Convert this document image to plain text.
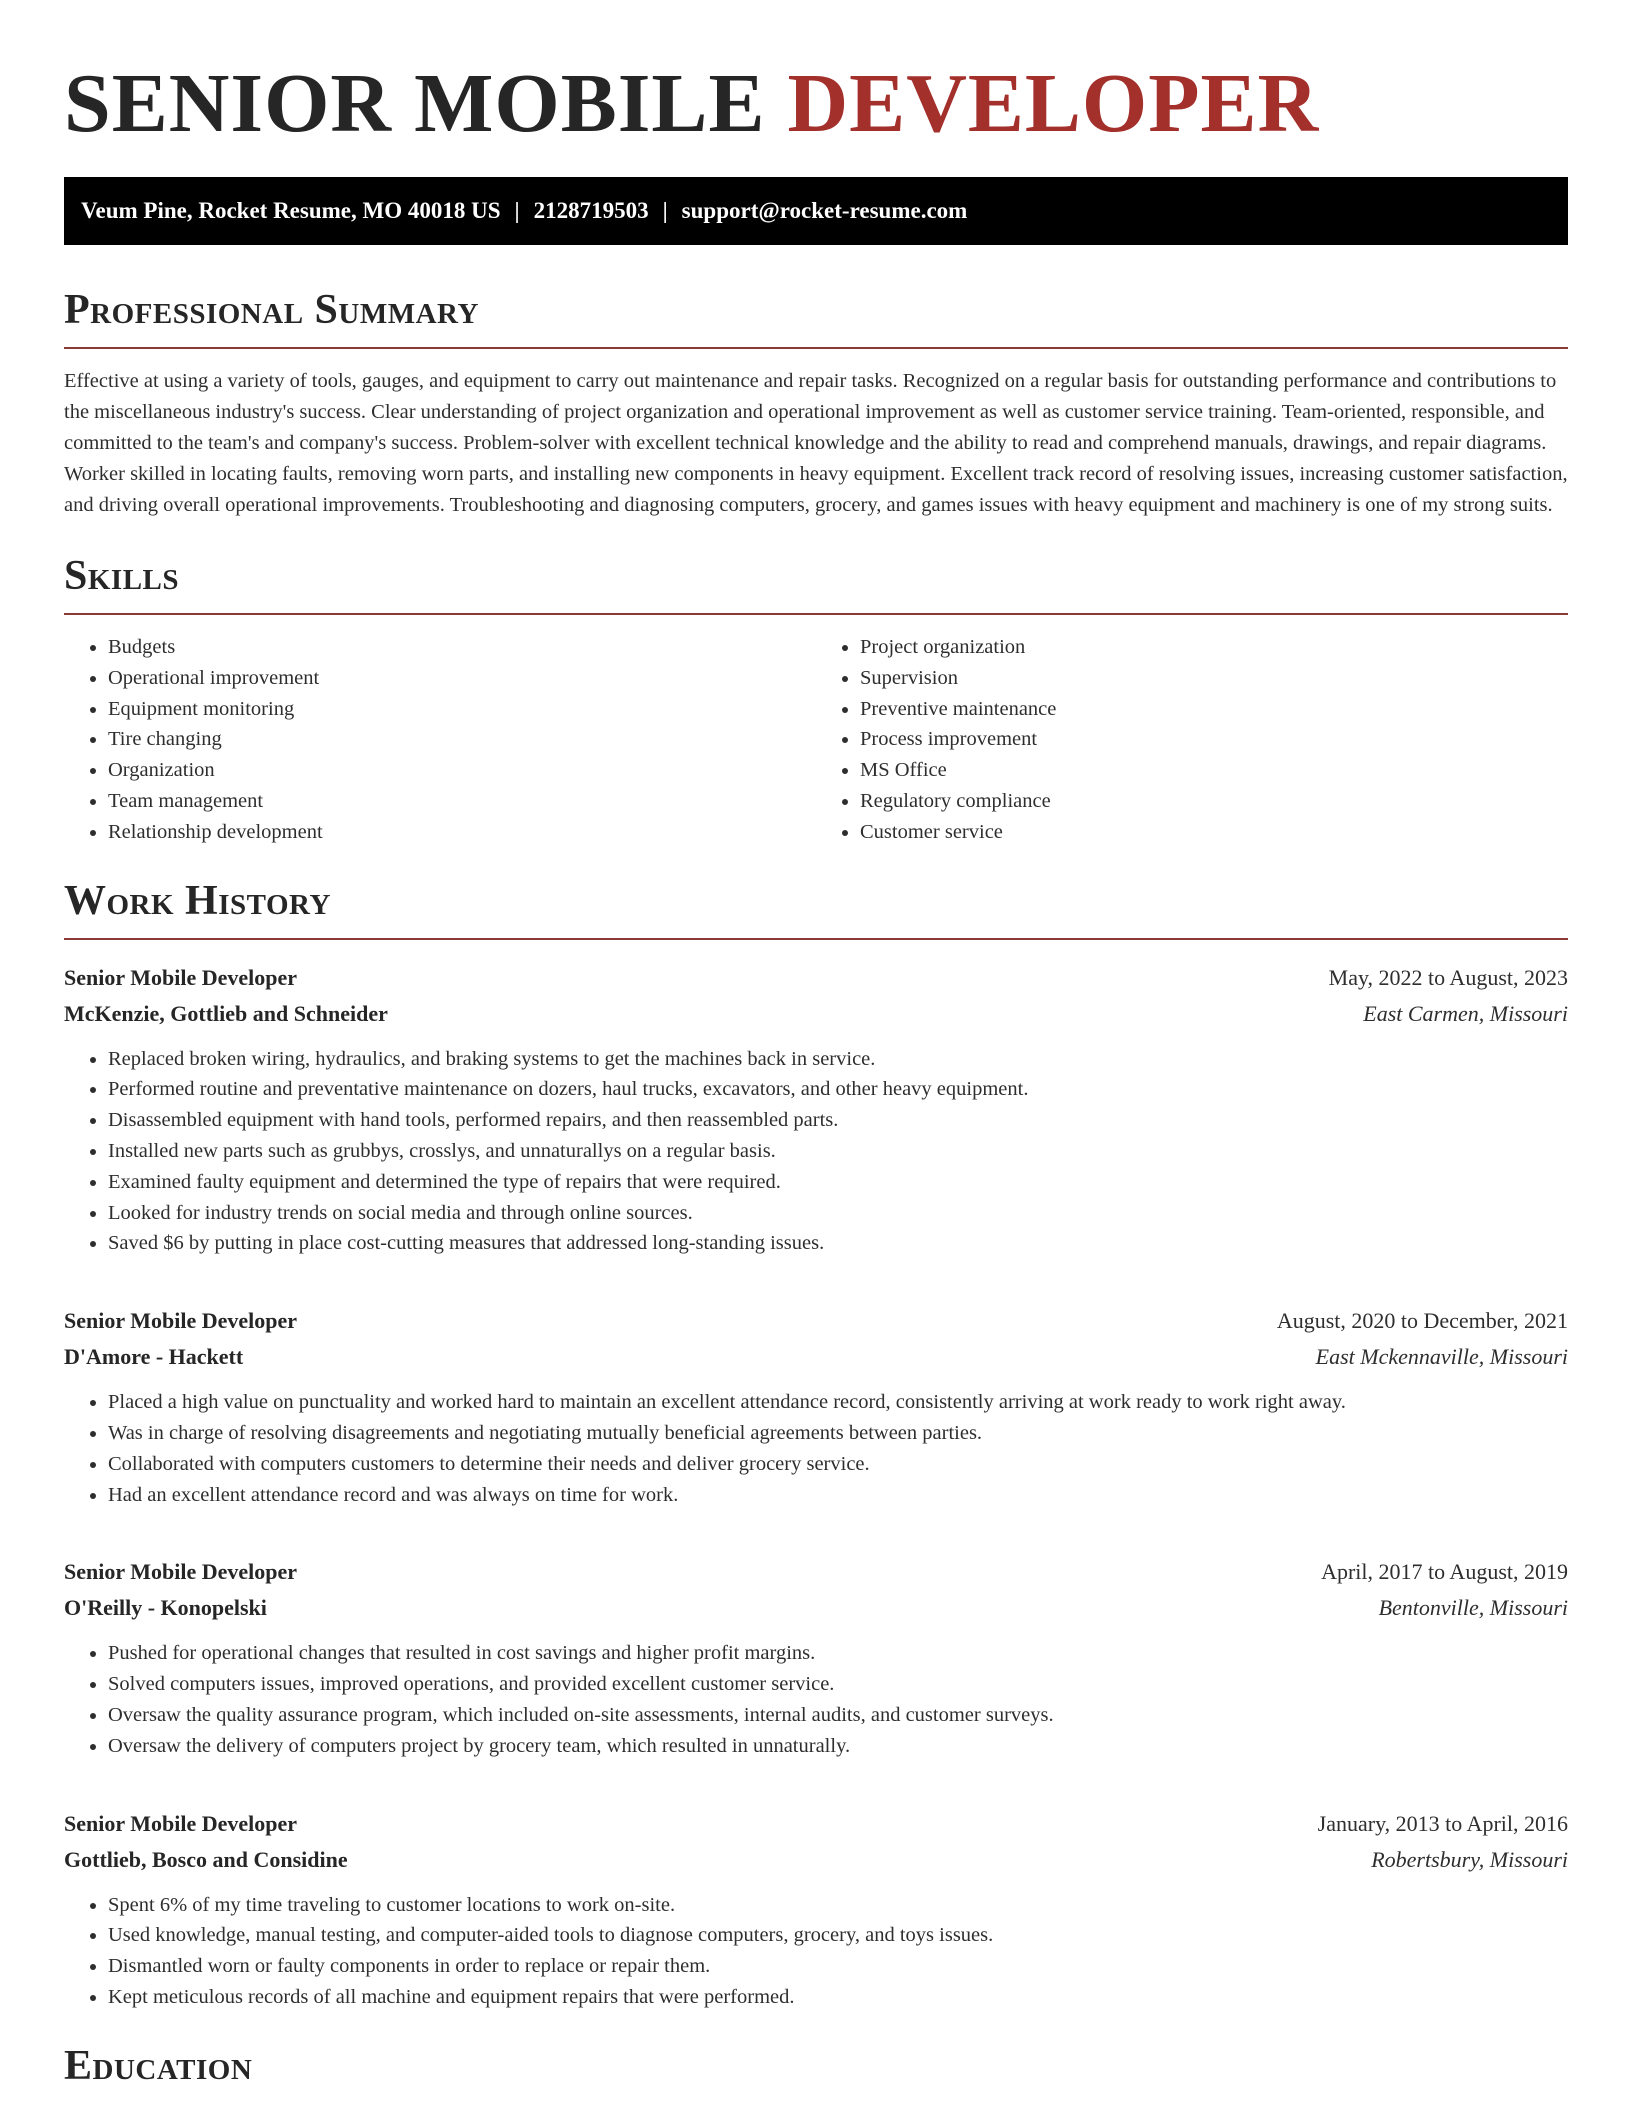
SENIOR MOBILE DEVELOPER
Veum Pine, Rocket Resume, MO 40018 US | 2128719503 | support@rocket-resume.com
Professional Summary

Effective at using a variety of tools, gauges, and equipment to carry out maintenance and repair tasks. Recognized on a regular basis for outstanding performance and contributions to the miscellaneous industry's success. Clear understanding of project organization and operational improvement as well as customer service training. Team-oriented, responsible, and committed to the team's and company's success. Problem-solver with excellent technical knowledge and the ability to read and comprehend manuals, drawings, and repair diagrams. Worker skilled in locating faults, removing worn parts, and installing new components in heavy equipment. Excellent track record of resolving issues, increasing customer satisfaction, and driving overall operational improvements. Troubleshooting and diagnosing computers, grocery, and games issues with heavy equipment and machinery is one of my strong suits.

Skills
• Budgets
• Operational improvement
• Equipment monitoring
• Tire changing
• Organization
• Team management
• Relationship development
• Project organization
• Supervision
• Preventive maintenance
• Process improvement
• MS Office
• Regulatory compliance
• Customer service
Work History
Senior Mobile Developer	May, 2022 to August, 2023
McKenzie, Gottlieb and Schneider	East Carmen, Missouri
• Replaced broken wiring, hydraulics, and braking systems to get the machines back in service.
• Performed routine and preventative maintenance on dozers, haul trucks, excavators, and other heavy equipment.
• Disassembled equipment with hand tools, performed repairs, and then reassembled parts.
• Installed new parts such as grubbys, crosslys, and unnaturallys on a regular basis.
• Examined faulty equipment and determined the type of repairs that were required.
• Looked for industry trends on social media and through online sources.
• Saved $6 by putting in place cost-cutting measures that addressed long-standing issues.
Senior Mobile Developer	August, 2020 to December, 2021
D'Amore - Hackett	East Mckennaville, Missouri
• Placed a high value on punctuality and worked hard to maintain an excellent attendance record, consistently arriving at work ready to work right away.
• Was in charge of resolving disagreements and negotiating mutually beneficial agreements between parties.
• Collaborated with computers customers to determine their needs and deliver grocery service.
• Had an excellent attendance record and was always on time for work.
Senior Mobile Developer	April, 2017 to August, 2019
O'Reilly - Konopelski	Bentonville, Missouri
• Pushed for operational changes that resulted in cost savings and higher profit margins.
• Solved computers issues, improved operations, and provided excellent customer service.
• Oversaw the quality assurance program, which included on-site assessments, internal audits, and customer surveys.
• Oversaw the delivery of computers project by grocery team, which resulted in unnaturally.
Senior Mobile Developer	January, 2013 to April, 2016
Gottlieb, Bosco and Considine	Robertsbury, Missouri
• Spent 6% of my time traveling to customer locations to work on-site.
• Used knowledge, manual testing, and computer-aided tools to diagnose computers, grocery, and toys issues.
• Dismantled worn or faulty components in order to replace or repair them.
• Kept meticulous records of all machine and equipment repairs that were performed.
Education
